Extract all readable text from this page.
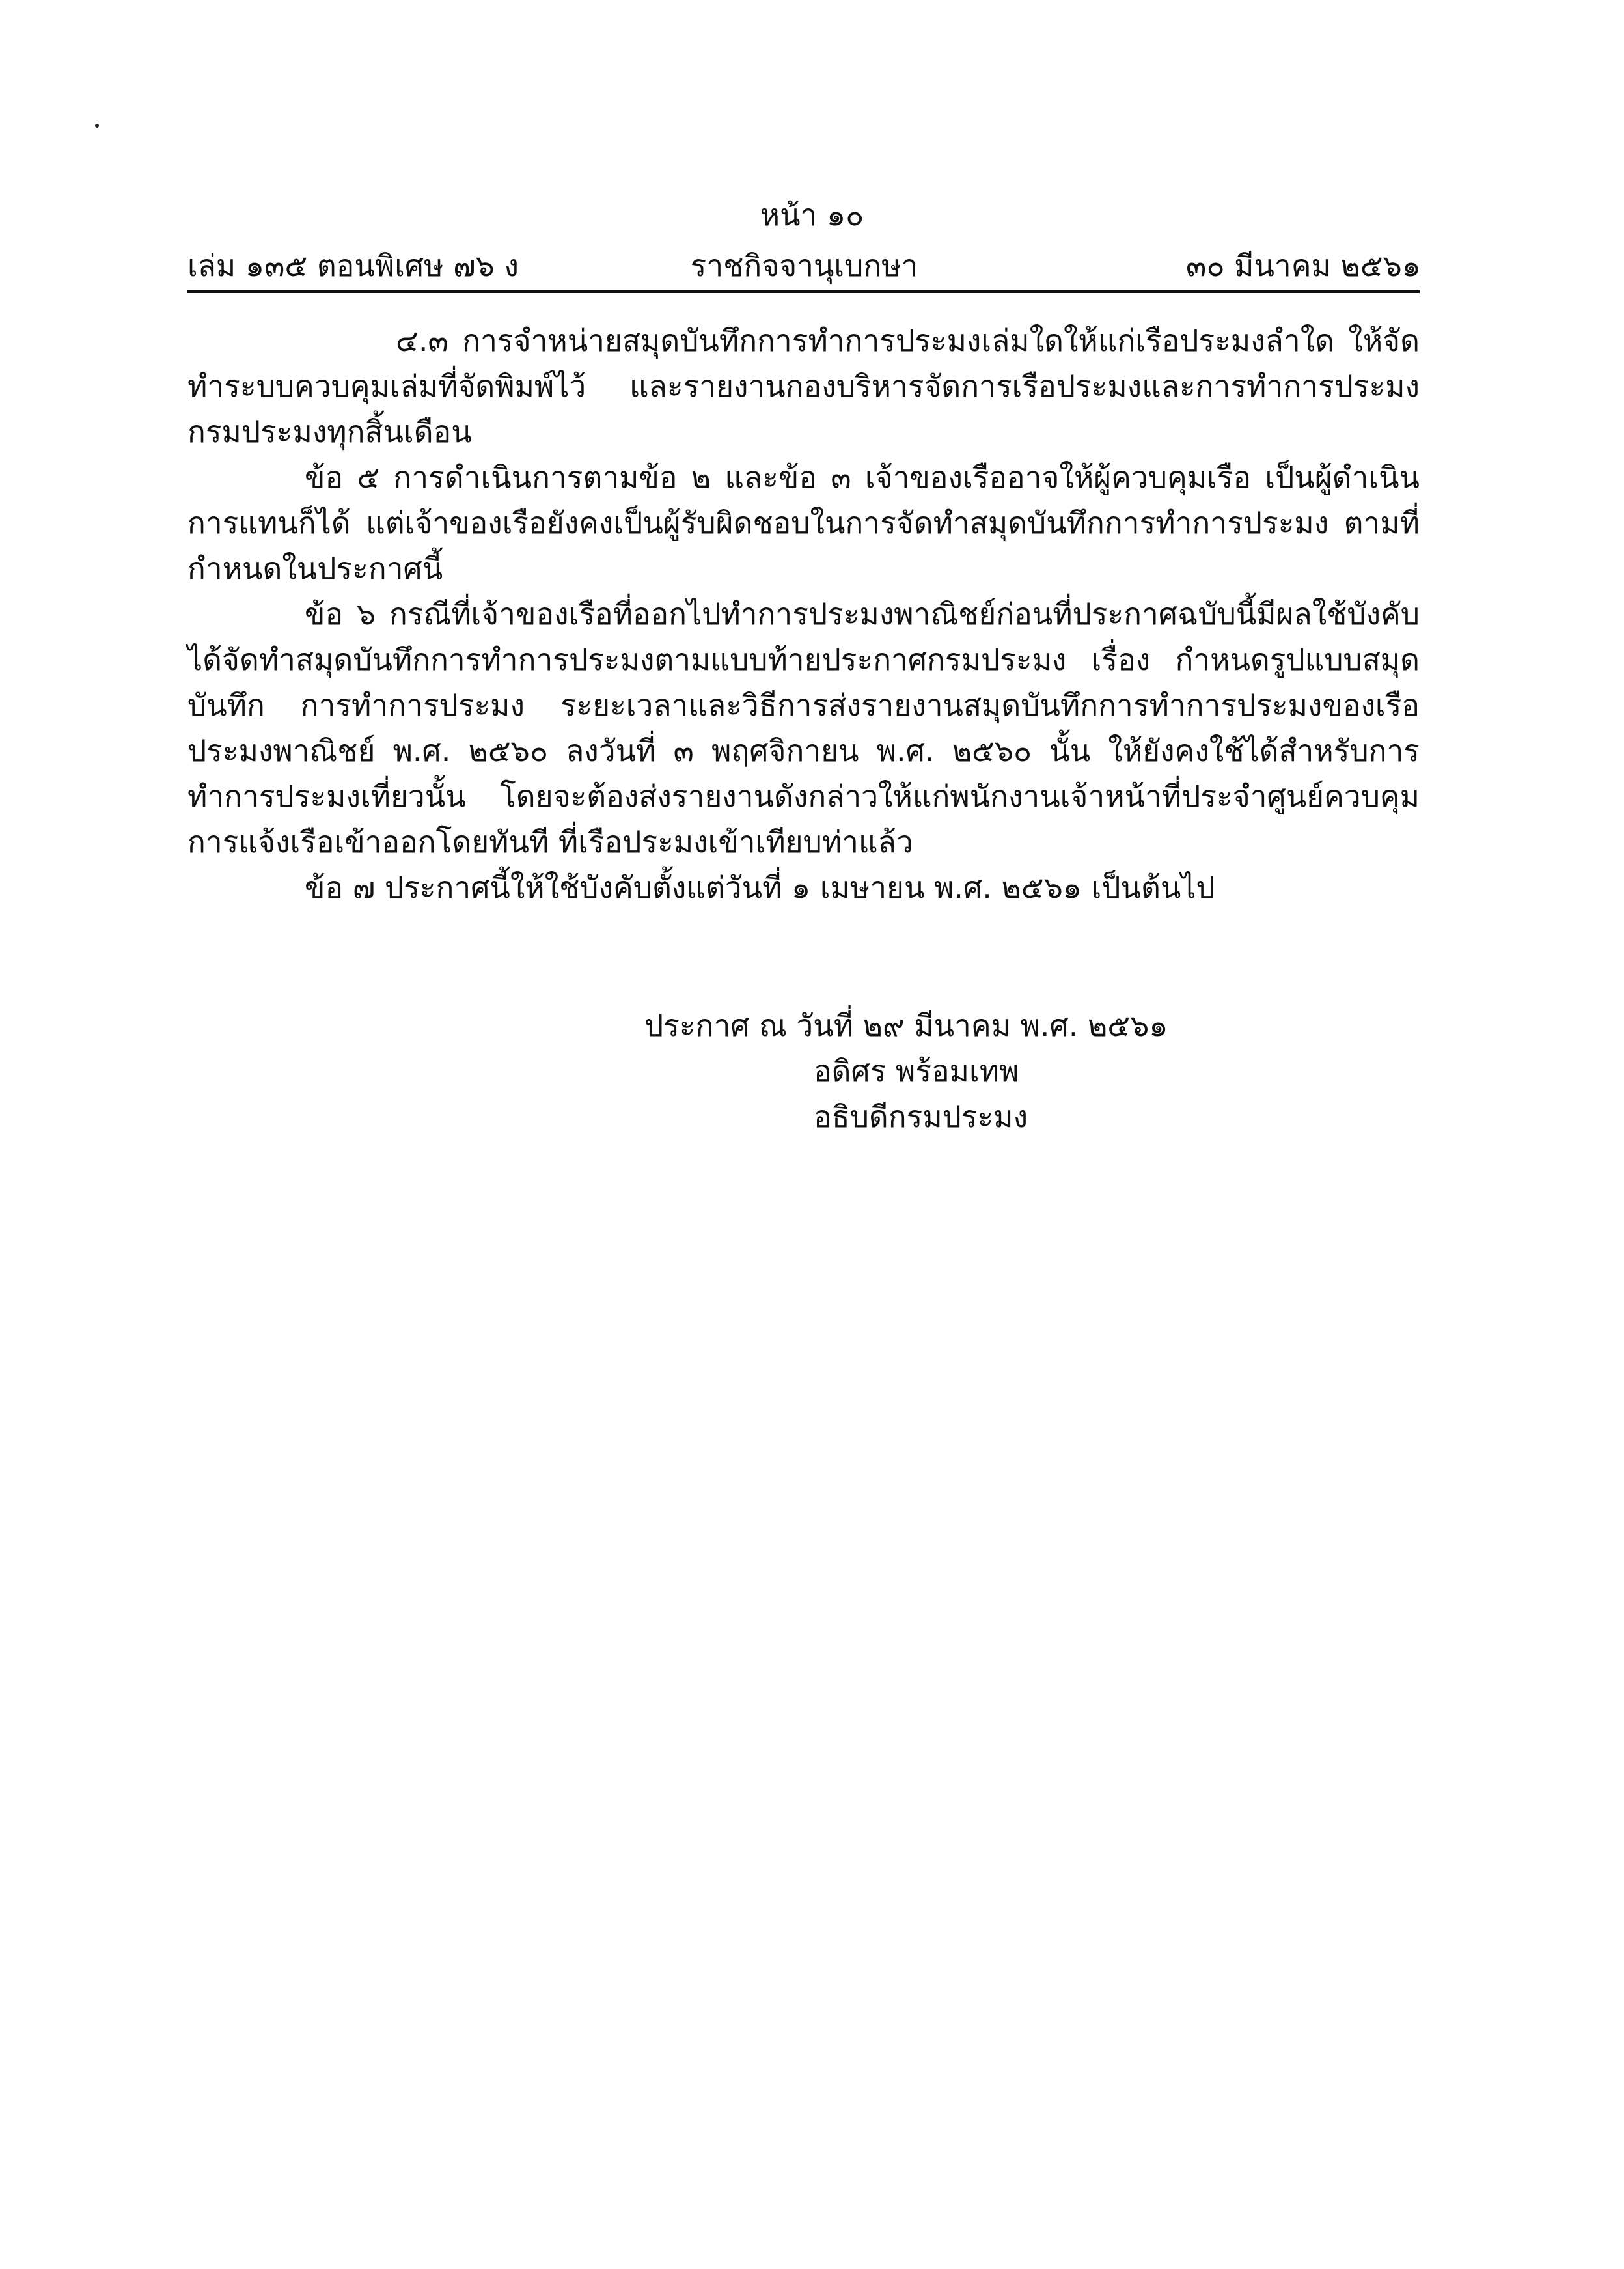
หน้า ๑๐
เล่ม ๑๓๕ ตอนพิเศษ ๗๖ ง	ราชกิจจานุเบกษา	๓๐ มีนาคม ๒๕๖๑

๔.๓ การจำหน่ายสมุดบันทึกการทำการประมงเล่มใดให้แก่เรือประมงลำใด ให้จัดทำระบบควบคุมเล่มที่จัดพิมพ์ไว้ และรายงานกองบริหารจัดการเรือประมงและการทำการประมง กรมประมงทุกสิ้นเดือน

ข้อ ๕ การดำเนินการตามข้อ ๒ และข้อ ๓ เจ้าของเรืออาจให้ผู้ควบคุมเรือ เป็นผู้ดำเนินการแทนก็ได้ แต่เจ้าของเรือยังคงเป็นผู้รับผิดชอบในการจัดทำสมุดบันทึกการทำการประมง ตามที่กำหนดในประกาศนี้

ข้อ ๖ กรณีที่เจ้าของเรือที่ออกไปทำการประมงพาณิชย์ก่อนที่ประกาศฉบับนี้มีผลใช้บังคับ ได้จัดทำสมุดบันทึกการทำการประมงตามแบบท้ายประกาศกรมประมง เรื่อง กำหนดรูปแบบสมุดบันทึก การทำการประมง ระยะเวลาและวิธีการส่งรายงานสมุดบันทึกการทำการประมงของเรือประมงพาณิชย์ พ.ศ. ๒๕๖๐ ลงวันที่ ๓ พฤศจิกายน พ.ศ. ๒๕๖๐ นั้น ให้ยังคงใช้ได้สำหรับการทำการประมงเที่ยวนั้น โดยจะต้องส่งรายงานดังกล่าวให้แก่พนักงานเจ้าหน้าที่ประจำศูนย์ควบคุมการแจ้งเรือเข้าออกโดยทันที ที่เรือประมงเข้าเทียบท่าแล้ว

ข้อ ๗ ประกาศนี้ให้ใช้บังคับตั้งแต่วันที่ ๑ เมษายน พ.ศ. ๒๕๖๑ เป็นต้นไป

ประกาศ ณ วันที่ ๒๙ มีนาคม พ.ศ. ๒๕๖๑
อดิศร พร้อมเทพ
อธิบดีกรมประมง
